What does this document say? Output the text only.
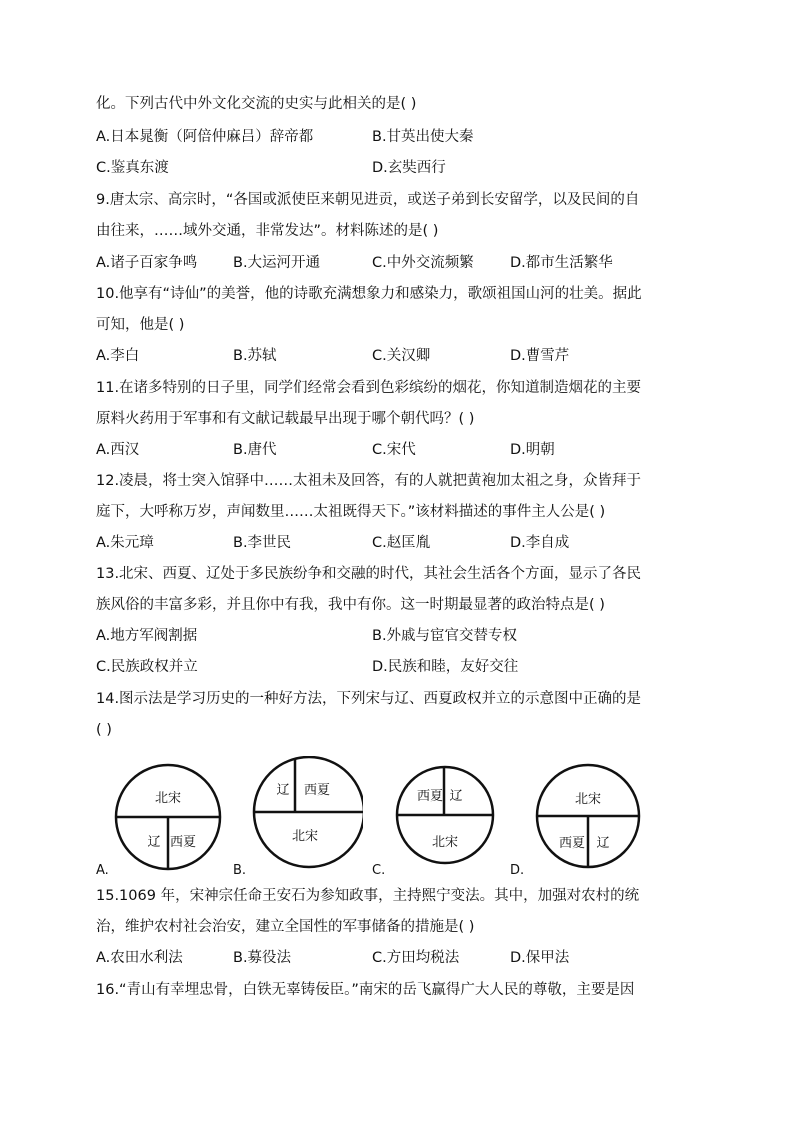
化。下列古代中外文化交流的史实与此相关的是( )
A.日本晁衡（阿倍仲麻吕）辞帝都	B.甘英出使大秦
C.鉴真东渡	D.玄奘西行
9.唐太宗、高宗时，“各国或派使臣来朝见进贡，或送子弟到长安留学，以及民间的自
由往来，……域外交通，非常发达”。材料陈述的是( )
A.诸子百家争鸣 B.大运河开通	C.中外交流频繁	D.都市生活繁华
10.他享有“诗仙”的美誉，他的诗歌充满想象力和感染力，歌颂祖国山河的壮美。据此
可知，他是( )
A.李白	B.苏轼	C.关汉卿	D.曹雪芹
11.在诸多特别的日子里，同学们经常会看到色彩缤纷的烟花，你知道制造烟花的主要
原料火药用于军事和有文献记载最早出现于哪个朝代吗？( )
A.西汉	B.唐代	C.宋代	D.明朝
12.凌晨，将士突入馆驿中……太祖未及回答，有的人就把黄袍加太祖之身，众皆拜于
庭下，大呼称万岁，声闻数里……太祖既得天下。”该材料描述的事件主人公是( )
A.朱元璋	B.李世民	C.赵匡胤	D.李自成
13.北宋、西夏、辽处于多民族纷争和交融的时代，其社会生活各个方面，显示了各民
族风俗的丰富多彩，并且你中有我，我中有你。这一时期最显著的政治特点是( )
A.地方军阀割据	B.外戚与宦官交替专权
C.民族政权并立	D.民族和睦，友好交往
14.图示法是学习历史的一种好方法，下列宋与辽、西夏政权并立的示意图中正确的是
( )
北宋
辽 西夏
A.
辽 西夏
北宋
B.
西夏 辽
北宋
C.
北宋
西夏 辽
D.
15.1069 年，宋神宗任命王安石为参知政事，主持熙宁变法。其中，加强对农村的统
治，维护农村社会治安，建立全国性的军事储备的措施是( )
A.农田水利法	B.募役法	C.方田均税法	D.保甲法
16.“青山有幸埋忠骨，白铁无辜铸佞臣。”南宋的岳飞赢得广大人民的尊敬，主要是因
